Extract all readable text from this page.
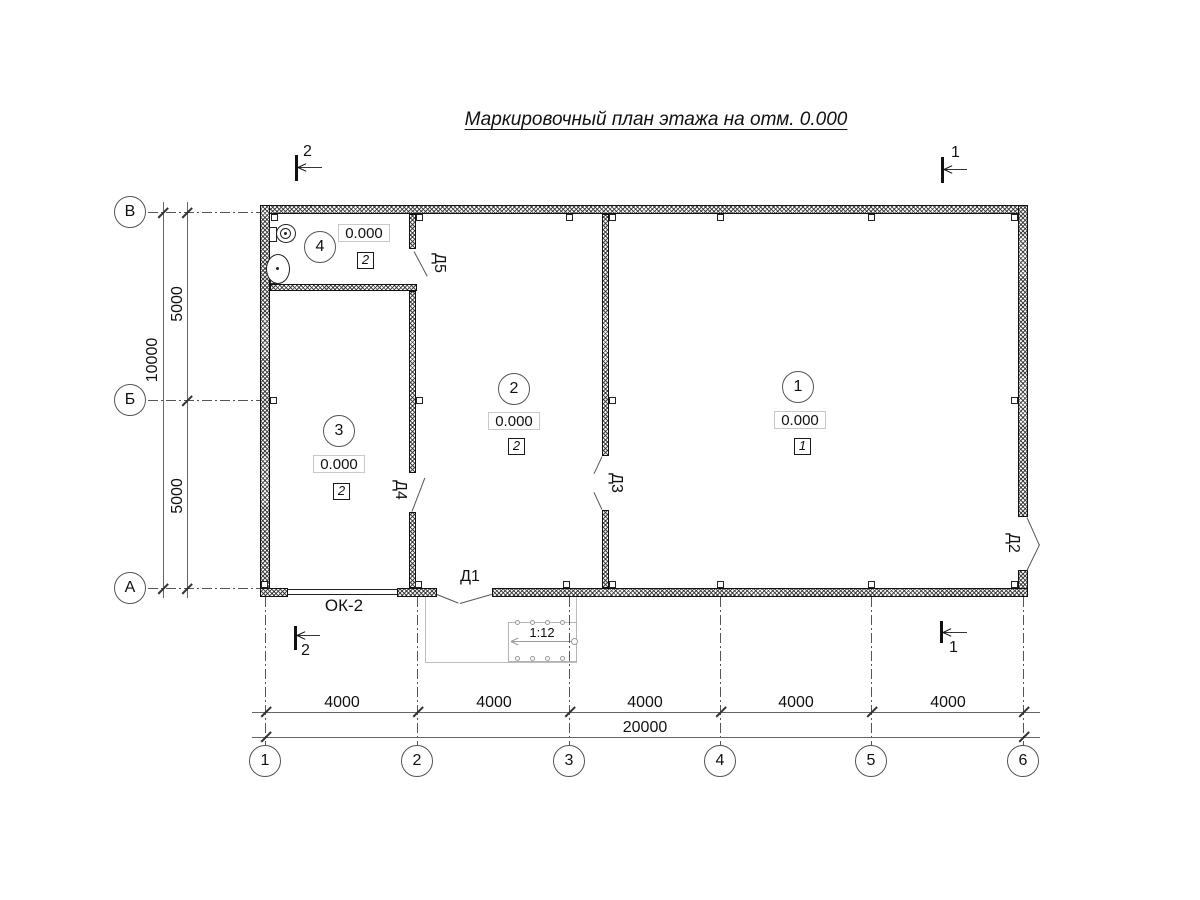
Маркировочный план этажа на отм. 0.000
1:12
4000	4000	4000	4000	4000
20000
5000
5000
10000
1	2	3	4	5	6
В
Б
А
Д5
Д4	Д3
Д2
Д1
ОК-2
1
0.000
1
2
0.000
2
3
0.000
2
4
0.000
2
2	1
2	1
